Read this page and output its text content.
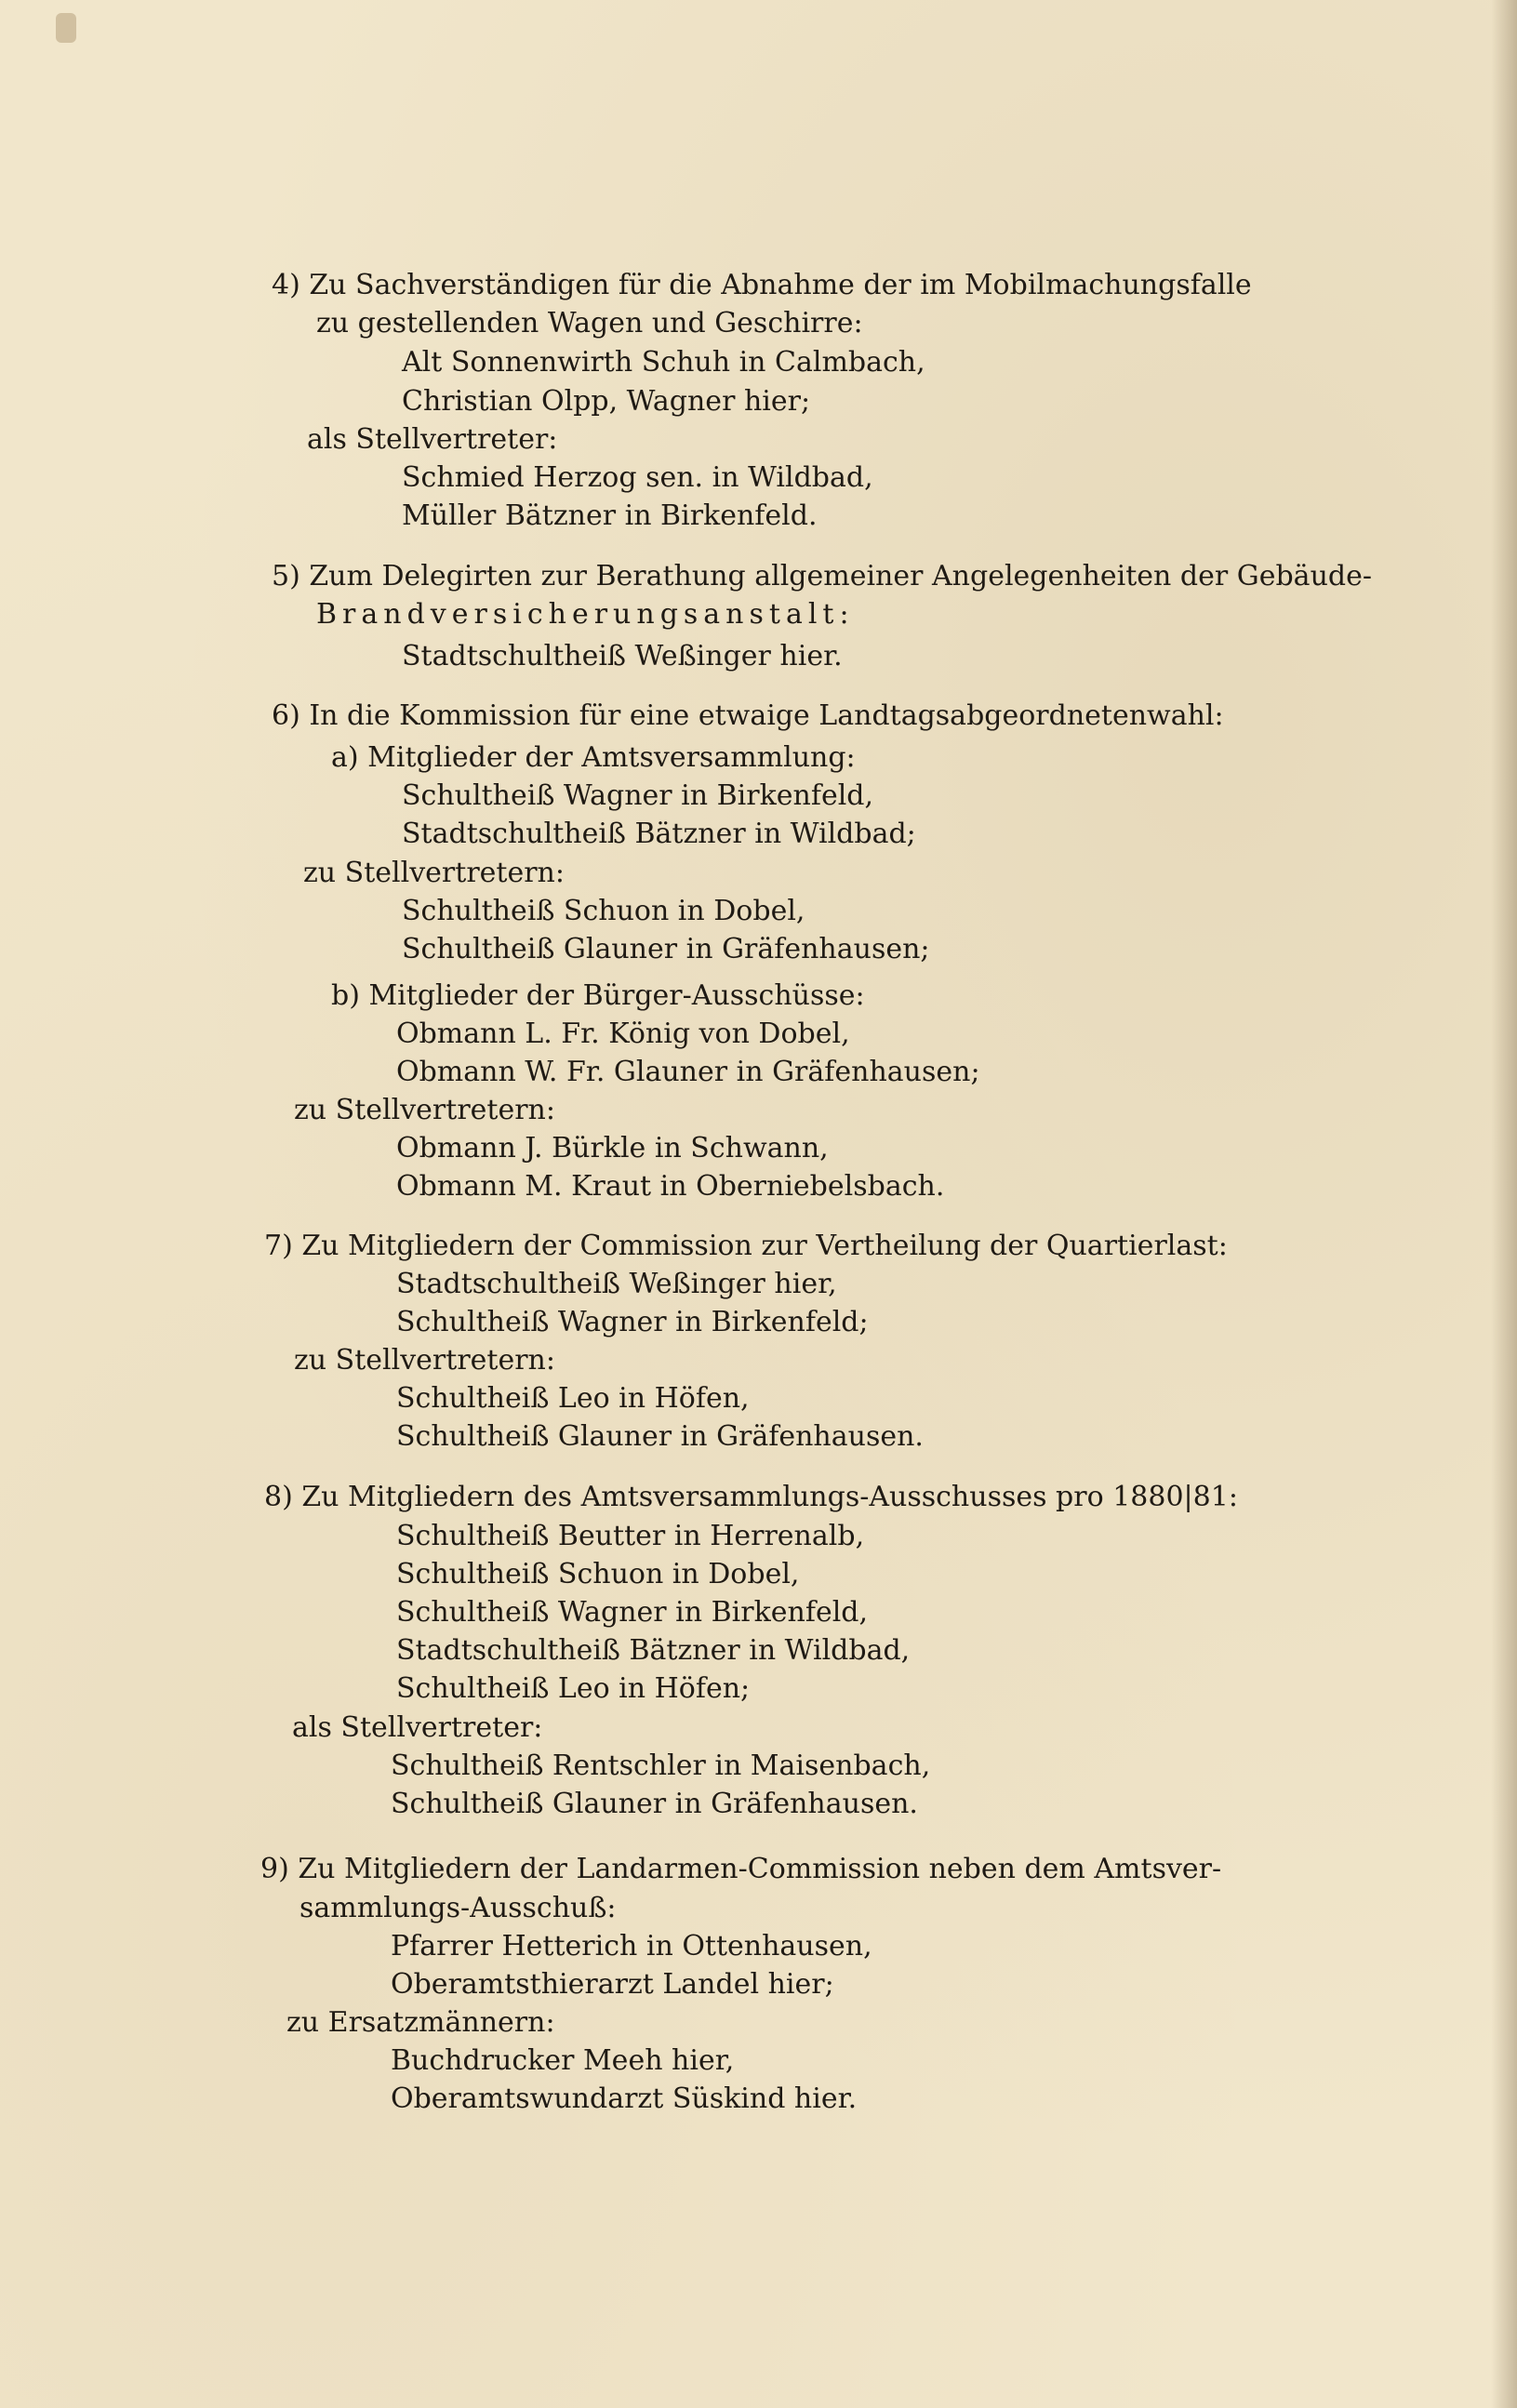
4) Zu Sachverständigen für die Abnahme der im Mobilmachungsfalle
zu gestellenden Wagen und Geschirre:
Alt Sonnenwirth Schuh in Calmbach,
Christian Olpp, Wagner hier;
als Stellvertreter:
Schmied Herzog sen. in Wildbad,
Müller Bätzner in Birkenfeld.
5) Zum Delegirten zur Berathung allgemeiner Angelegenheiten der Gebäude-
Brandversicherungsanstalt:
Stadtschultheiß Weßinger hier.
6) In die Kommission für eine etwaige Landtagsabgeordnetenwahl:
a) Mitglieder der Amtsversammlung:
Schultheiß Wagner in Birkenfeld,
Stadtschultheiß Bätzner in Wildbad;
zu Stellvertretern:
Schultheiß Schuon in Dobel,
Schultheiß Glauner in Gräfenhausen;
b) Mitglieder der Bürger-Ausschüsse:
Obmann L. Fr. König von Dobel,
Obmann W. Fr. Glauner in Gräfenhausen;
zu Stellvertretern:
Obmann J. Bürkle in Schwann,
Obmann M. Kraut in Oberniebelsbach.
7) Zu Mitgliedern der Commission zur Vertheilung der Quartierlast:
Stadtschultheiß Weßinger hier,
Schultheiß Wagner in Birkenfeld;
zu Stellvertretern:
Schultheiß Leo in Höfen,
Schultheiß Glauner in Gräfenhausen.
8) Zu Mitgliedern des Amtsversammlungs-Ausschusses pro 1880|81:
Schultheiß Beutter in Herrenalb,
Schultheiß Schuon in Dobel,
Schultheiß Wagner in Birkenfeld,
Stadtschultheiß Bätzner in Wildbad,
Schultheiß Leo in Höfen;
als Stellvertreter:
Schultheiß Rentschler in Maisenbach,
Schultheiß Glauner in Gräfenhausen.
9) Zu Mitgliedern der Landarmen-Commission neben dem Amtsver-
sammlungs-Ausschuß:
Pfarrer Hetterich in Ottenhausen,
Oberamtsthierarzt Landel hier;
zu Ersatzmännern:
Buchdrucker Meeh hier,
Oberamtswundarzt Süskind hier.
